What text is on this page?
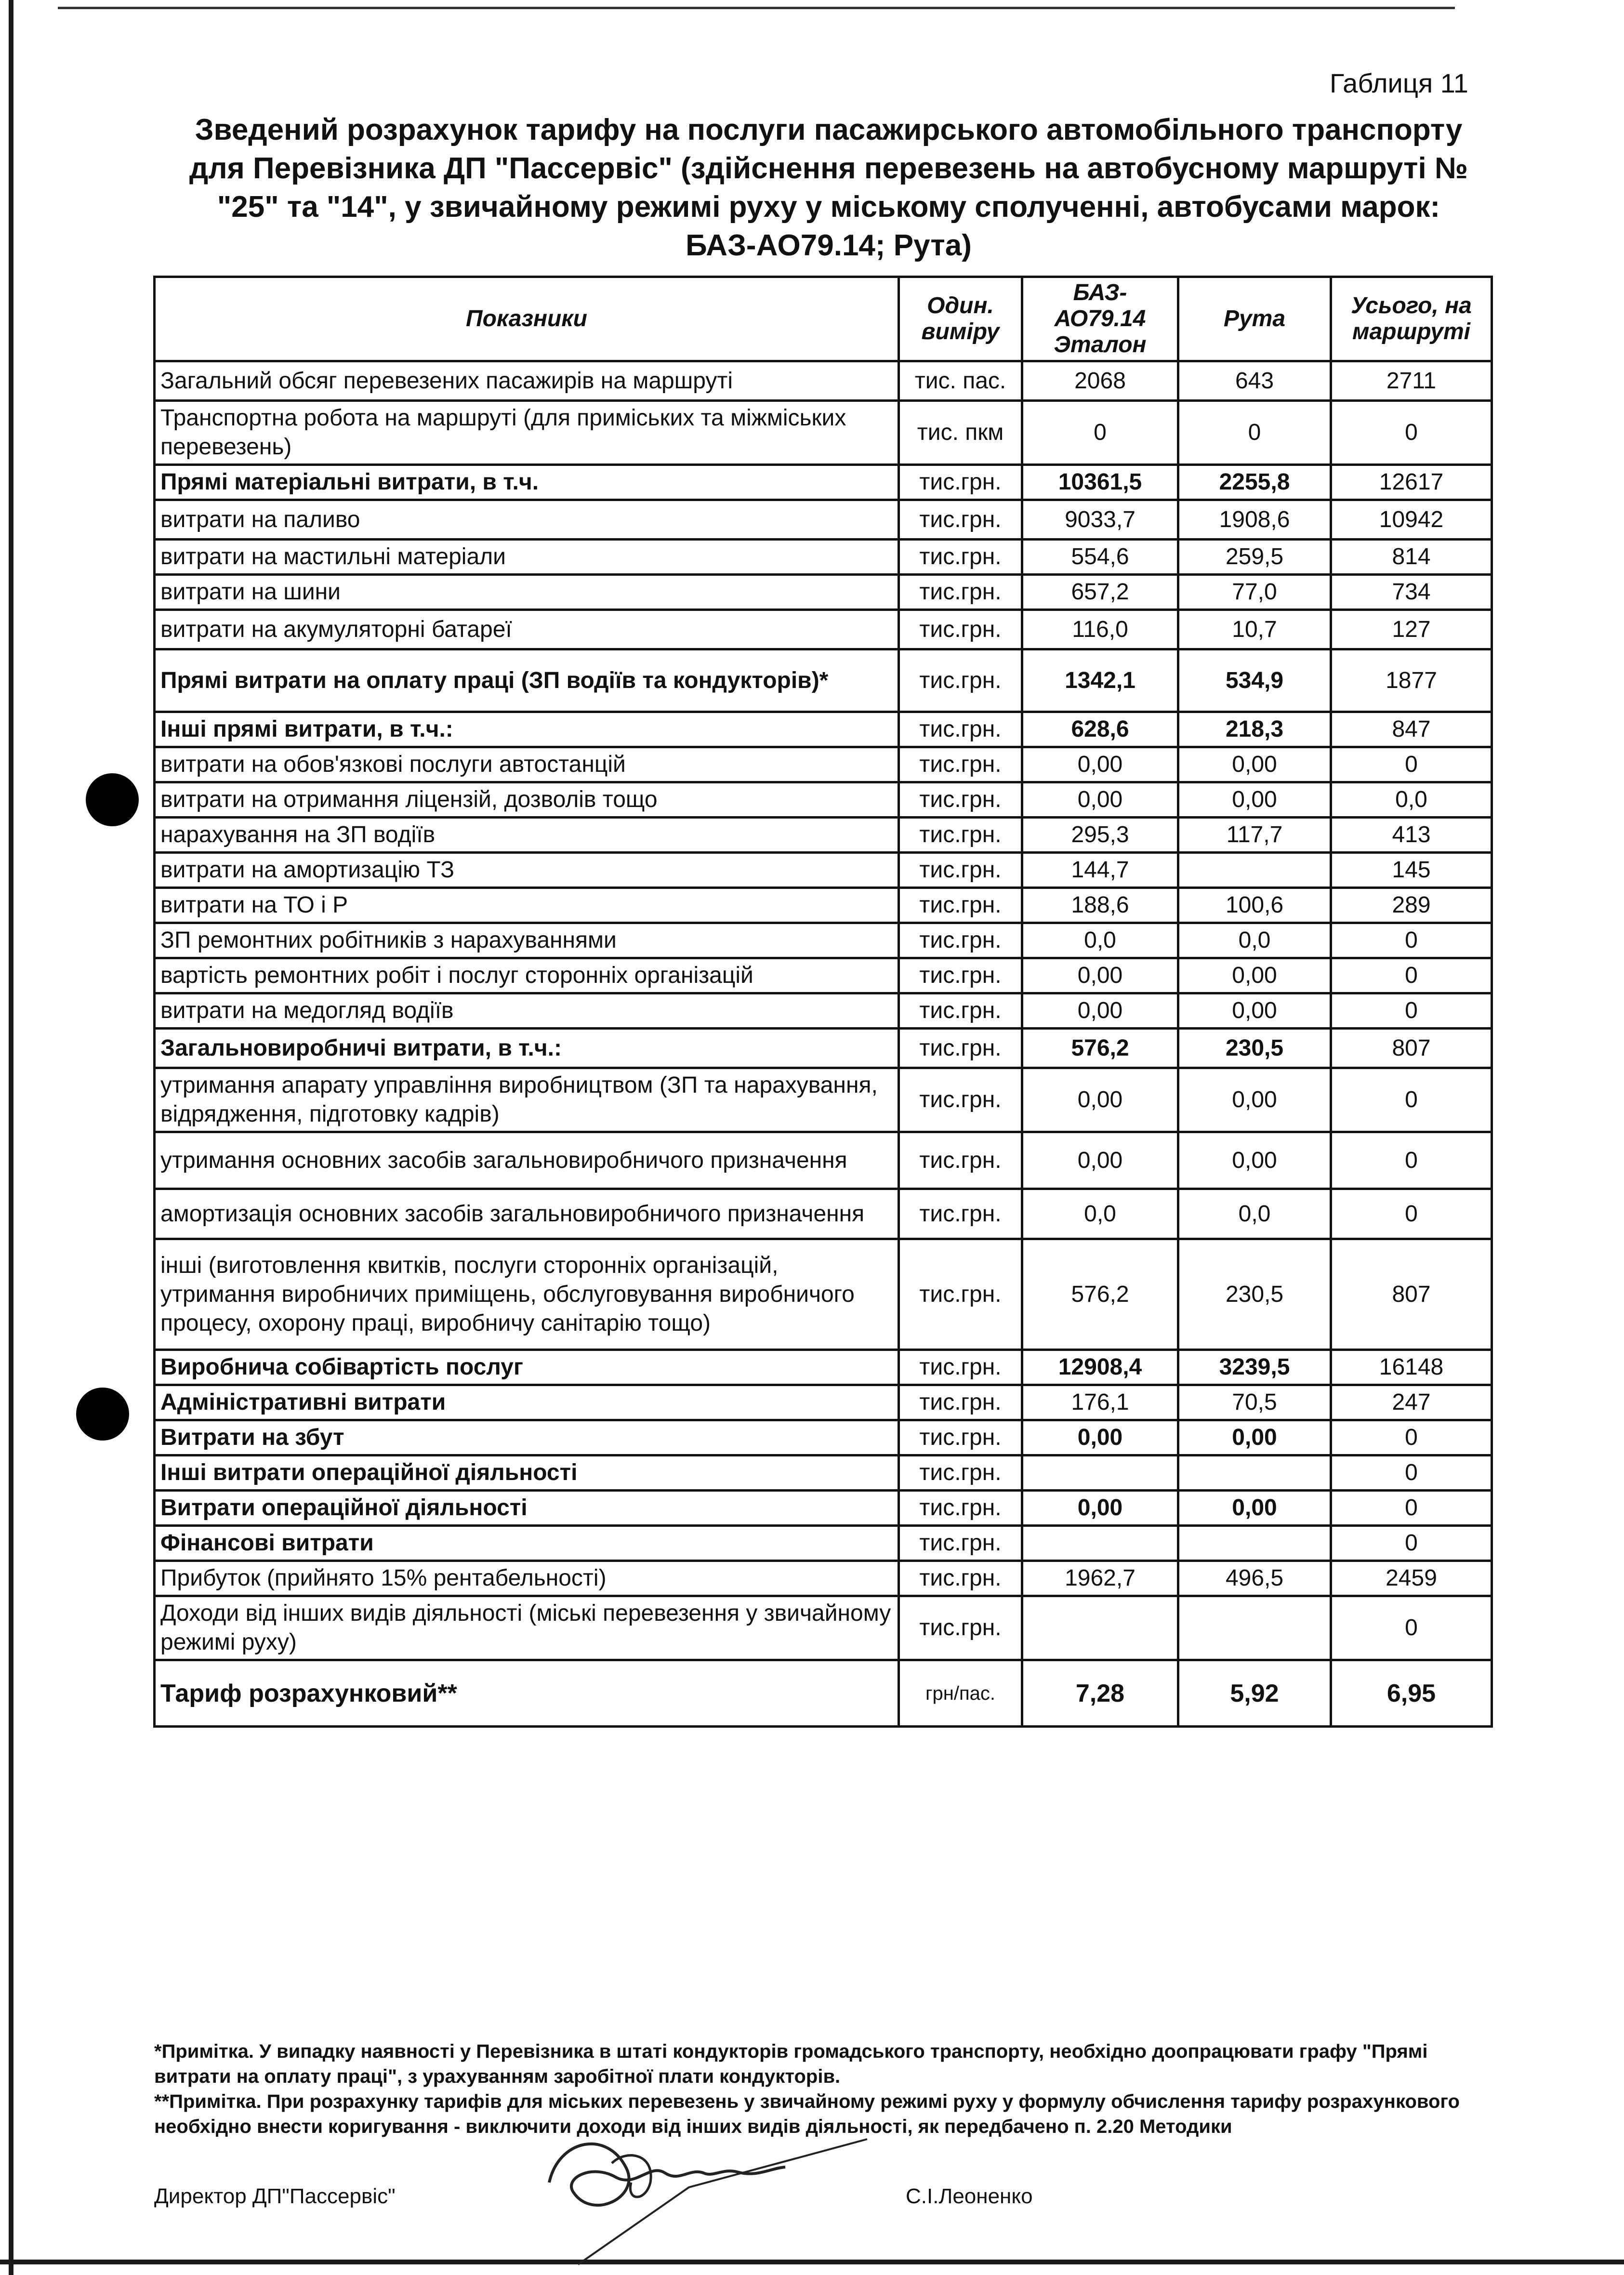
Габлиця 11
Зведений розрахунок тарифу на послуги пасажирського автомобільного транспорту
для Перевізника ДП "Пассервіс" (здійснення перевезень на автобусному маршруті №
"25" та "14", у звичайному режимі руху у міському сполученні, автобусами марок:
БАЗ-АО79.14; Рута)
Показники	Один. виміру	БАЗ-АО79.14 Эталон	Рута	Усього, на маршруті
Загальний обсяг перевезених пасажирів на маршруті	тис. пас.	2068	643	2711
Транспортна робота на маршруті (для приміських та міжміських перевезень)	тис. пкм	0	0	0
Прямі матеріальні витрати, в т.ч.	тис.грн.	10361,5	2255,8	12617
витрати на паливо	тис.грн.	9033,7	1908,6	10942
витрати на мастильні матеріали	тис.грн.	554,6	259,5	814
витрати на шини	тис.грн.	657,2	77,0	734
витрати на акумуляторні батареї	тис.грн.	116,0	10,7	127
Прямі витрати на оплату праці (ЗП водіїв та кондукторів)*	тис.грн.	1342,1	534,9	1877
Інші прямі витрати, в т.ч.:	тис.грн.	628,6	218,3	847
витрати на обов'язкові послуги автостанцій	тис.грн.	0,00	0,00	0
витрати на отримання ліцензій, дозволів тощо	тис.грн.	0,00	0,00	0,0
нарахування на ЗП водіїв	тис.грн.	295,3	117,7	413
витрати на амортизацію ТЗ	тис.грн.	144,7		145
витрати на ТО і Р	тис.грн.	188,6	100,6	289
ЗП ремонтних робітників з нарахуваннями	тис.грн.	0,0	0,0	0
вартість ремонтних робіт і послуг сторонніх організацій	тис.грн.	0,00	0,00	0
витрати на медогляд водіїв	тис.грн.	0,00	0,00	0
Загальновиробничі витрати, в т.ч.:	тис.грн.	576,2	230,5	807
утримання апарату управління виробництвом (ЗП та нарахування, відрядження, підготовку кадрів)	тис.грн.	0,00	0,00	0
утримання основних засобів загальновиробничого призначення	тис.грн.	0,00	0,00	0
амортизація основних засобів загальновиробничого призначення	тис.грн.	0,0	0,0	0
інші (виготовлення квитків, послуги сторонніх організацій, утримання виробничих приміщень, обслуговування виробничого процесу, охорону праці, виробничу санітарію тощо)	тис.грн.	576,2	230,5	807
Виробнича собівартість послуг	тис.грн.	12908,4	3239,5	16148
Адміністративні витрати	тис.грн.	176,1	70,5	247
Витрати на збут	тис.грн.	0,00	0,00	0
Інші витрати операційної діяльності	тис.грн.			0
Витрати операційної діяльності	тис.грн.	0,00	0,00	0
Фінансові витрати	тис.грн.			0
Прибуток (прийнято 15% рентабельності)	тис.грн.	1962,7	496,5	2459
Доходи від інших видів діяльності (міські перевезення у звичайному режимі руху)	тис.грн.			0
Тариф розрахунковий**	грн/пас.	7,28	5,92	6,95
*Примітка. У випадку наявності у Перевізника в штаті кондукторів громадського транспорту, необхідно доопрацювати графу "Прямі витрати на оплату праці", з урахуванням заробітної плати кондукторів.
**Примітка. При розрахунку тарифів для міських перевезень у звичайному режимі руху у формулу обчислення тарифу розрахункового необхідно внести коригування - виключити доходи від інших видів діяльності, як передбачено п. 2.20 Методики
Директор ДП"Пассервіс"	С.І.Леоненко
